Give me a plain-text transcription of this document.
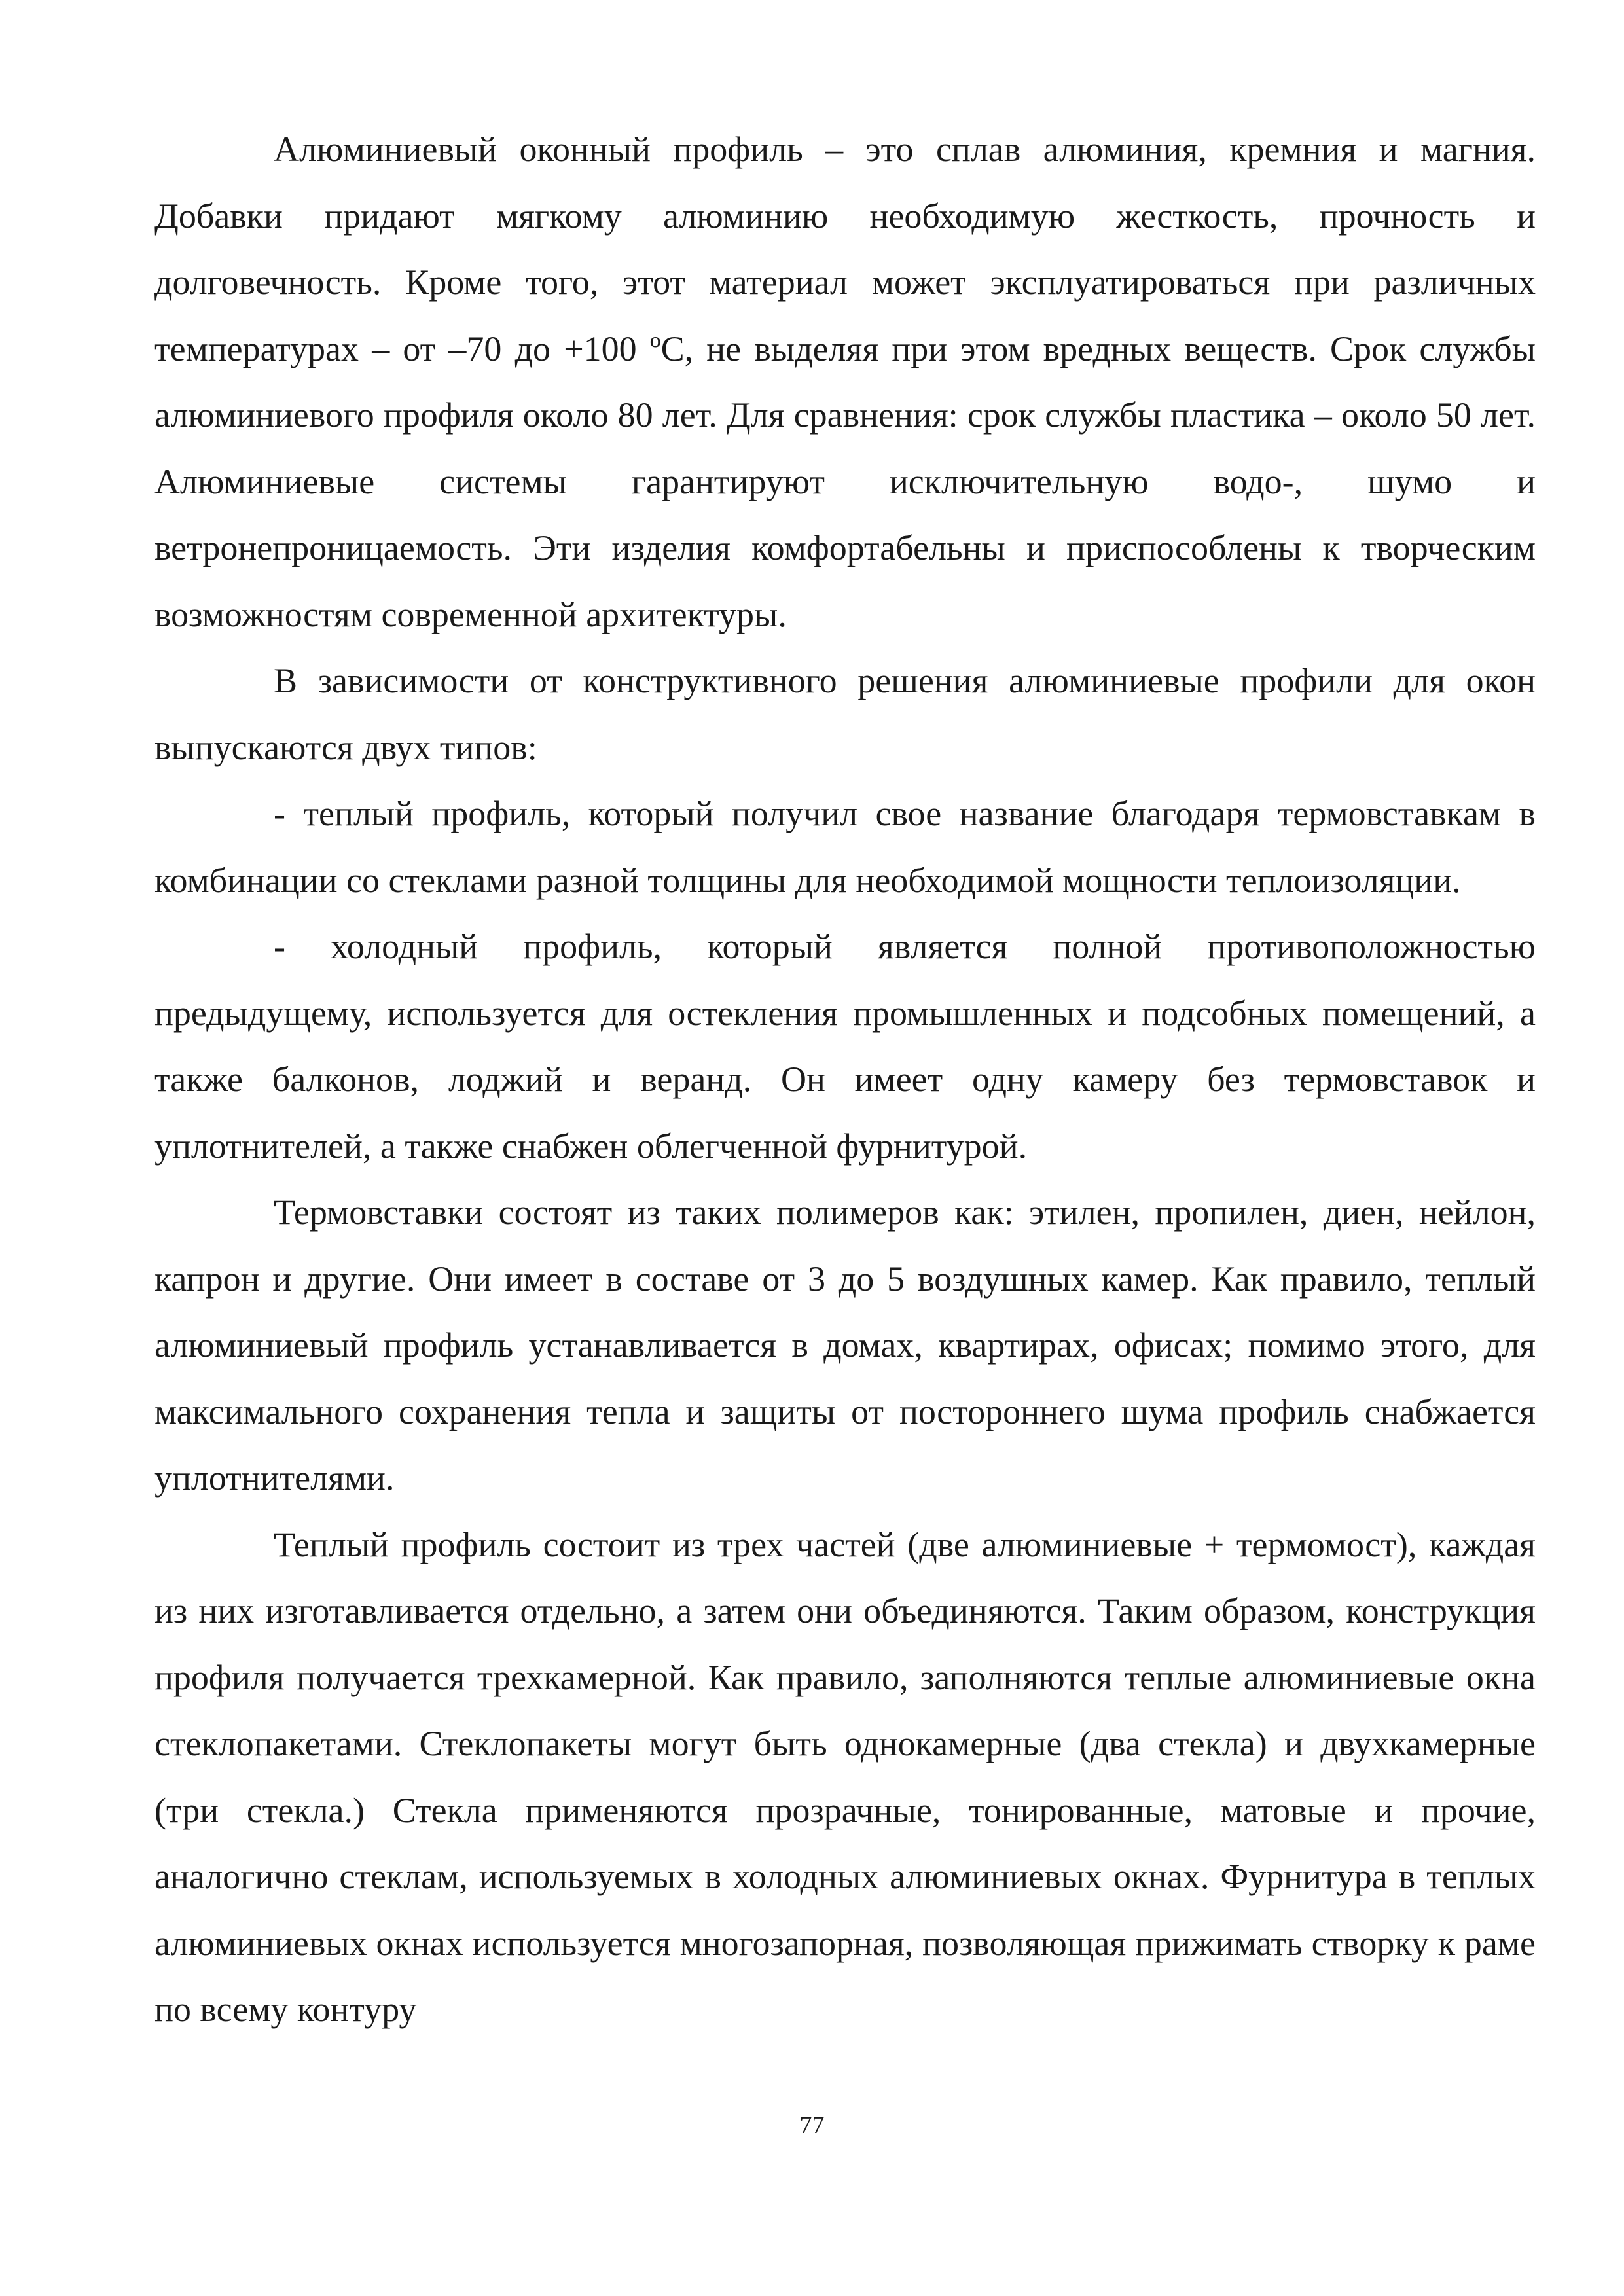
Алюминиевый оконный профиль – это сплав алюминия, кремния и магния. Добавки придают мягкому алюминию необходимую жесткость, прочность и долговечность. Кроме того, этот материал может эксплуатироваться при различных температурах – от –70 до +100 ºС, не выделяя при этом вредных веществ. Срок службы алюминиевого профиля около 80 лет. Для сравнения: срок службы пластика – около 50 лет. Алюминиевые системы гарантируют исключительную водо-, шумо и ветронепроницаемость. Эти изделия комфортабельны и приспособлены к творческим возможностям современной архитектуры.

В зависимости от конструктивного решения алюминиевые профили для окон выпускаются двух типов:

- теплый профиль, который получил свое название благодаря термовставкам в комбинации со стеклами разной толщины для необходимой мощности теплоизоляции.

- холодный профиль, который является полной противоположностью предыдущему, используется для остекления промышленных и подсобных помещений, а также балконов, лоджий и веранд. Он имеет одну камеру без термовставок и уплотнителей, а также снабжен облегченной фурнитурой.

Термовставки состоят из таких полимеров как: этилен, пропилен, диен, нейлон, капрон и другие. Они имеет в составе от 3 до 5 воздушных камер. Как правило, теплый алюминиевый профиль устанавливается в домах, квартирах, офисах; помимо этого, для максимального сохранения тепла и защиты от постороннего шума профиль снабжается уплотнителями.

Теплый профиль состоит из трех частей (две алюминиевые + термомост), каждая из них изготавливается отдельно, а затем они объединяются. Таким образом, конструкция профиля получается трехкамерной. Как правило, заполняются теплые алюминиевые окна стеклопакетами. Стеклопакеты могут быть однокамерные (два стекла) и двухкамерные (три стекла.) Стекла применяются прозрачные, тонированные, матовые и прочие, аналогично стеклам, используемых в холодных алюминиевых окнах. Фурнитура в теплых алюминиевых окнах используется многозапорная, позволяющая прижимать створку к раме по всему контуру

77
